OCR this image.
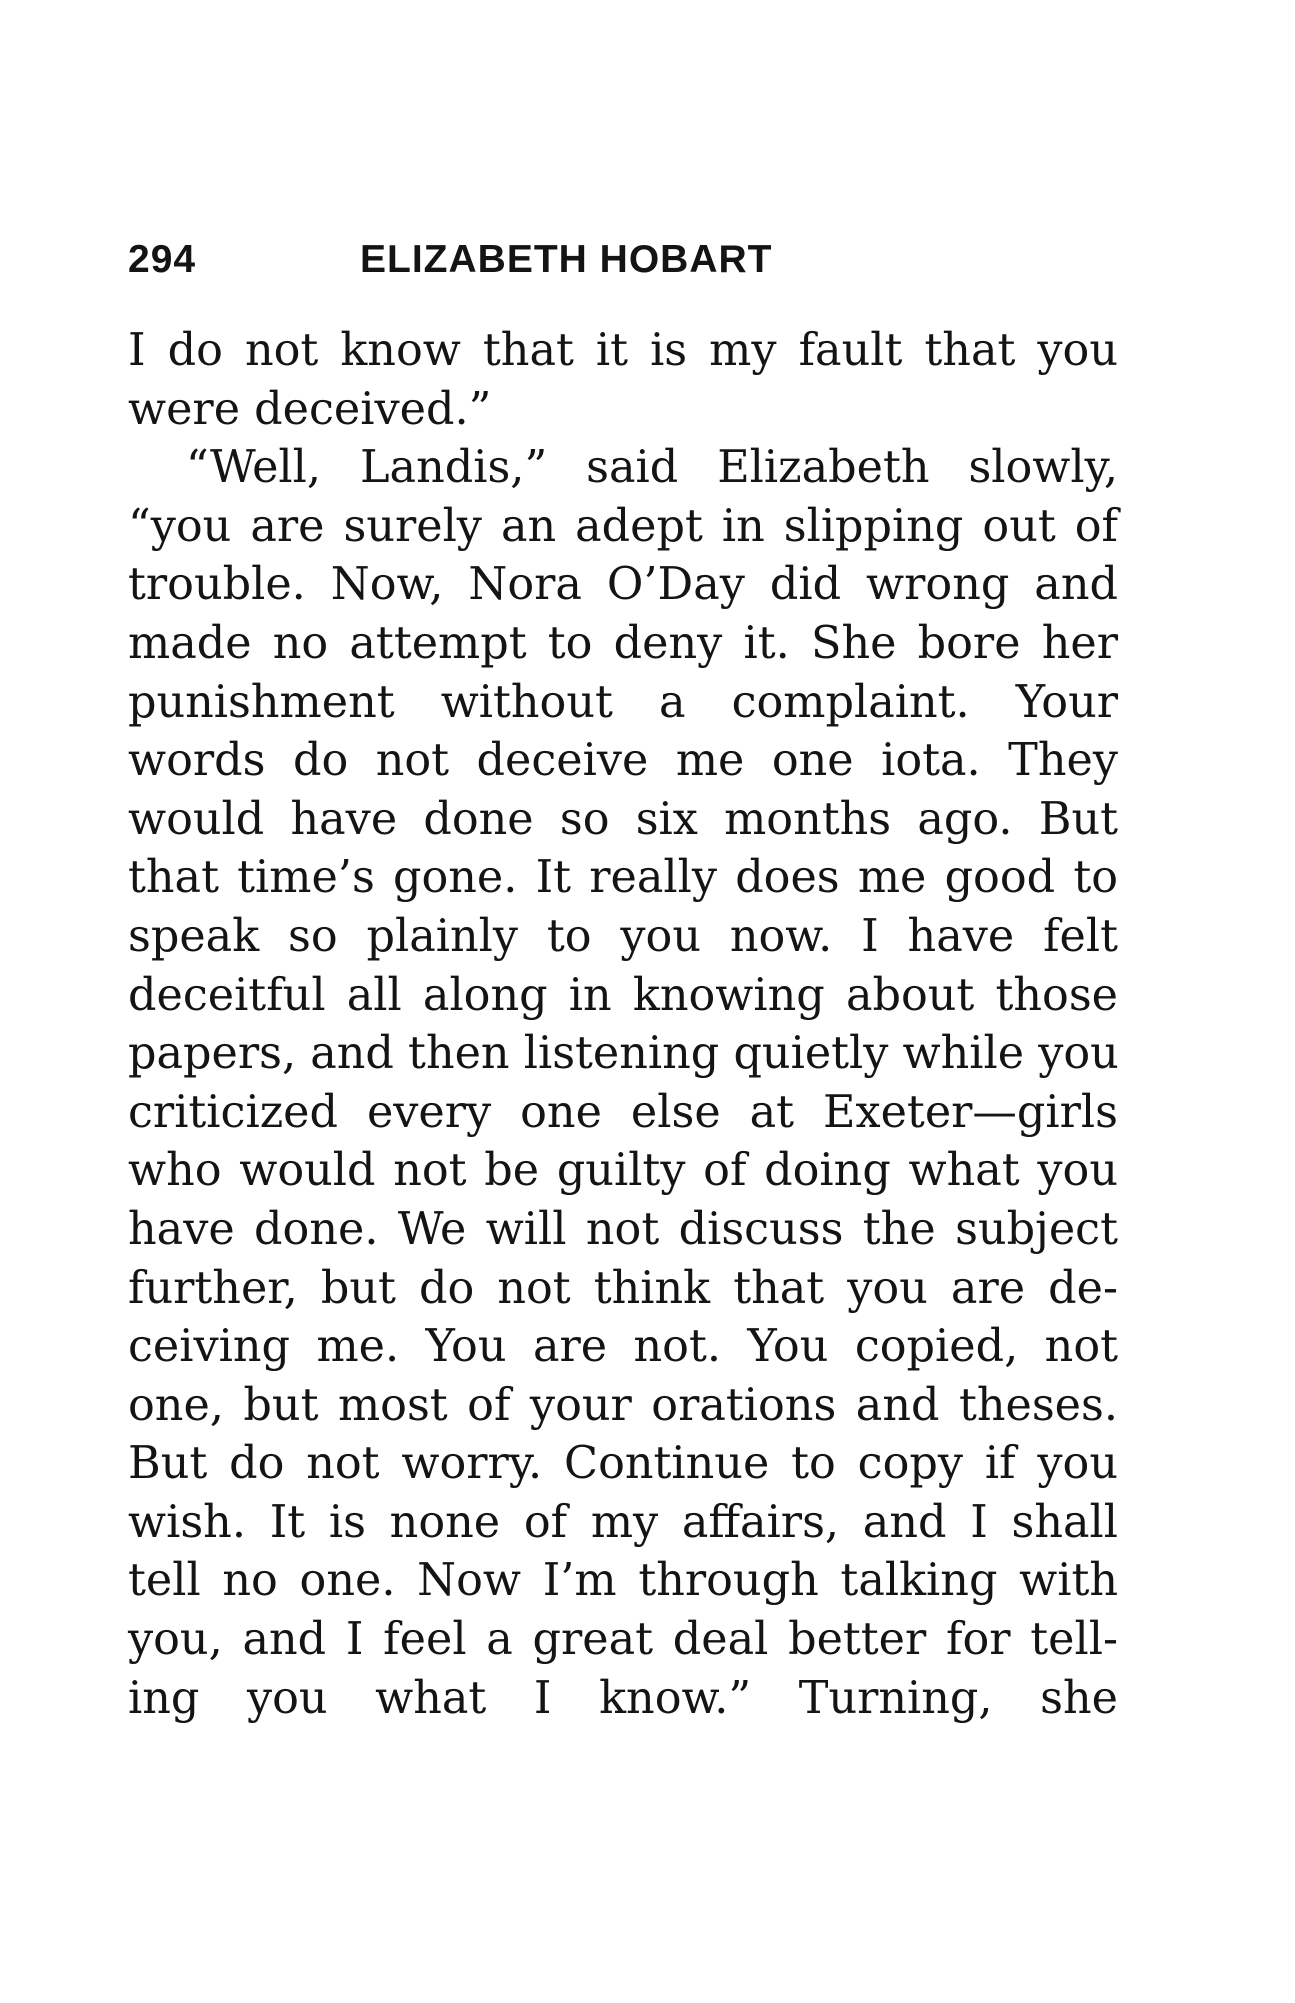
294	ELIZABETH HOBART
I do not know that it is my fault that you
were deceived.”
“Well, Landis,” said Elizabeth slowly,
“you are surely an adept in slipping out of
trouble. Now, Nora O’Day did wrong and
made no attempt to deny it. She bore her
punishment without a complaint. Your
words do not deceive me one iota. They
would have done so six months ago. But
that time’s gone. It really does me good to
speak so plainly to you now. I have felt
deceitful all along in knowing about those
papers, and then listening quietly while you
criticized every one else at Exeter—girls
who would not be guilty of doing what you
have done. We will not discuss the subject
further, but do not think that you are de-
ceiving me. You are not. You copied, not
one, but most of your orations and theses.
But do not worry. Continue to copy if you
wish. It is none of my affairs, and I shall
tell no one. Now I’m through talking with
you, and I feel a great deal better for tell-
ing you what I know.” Turning, she
